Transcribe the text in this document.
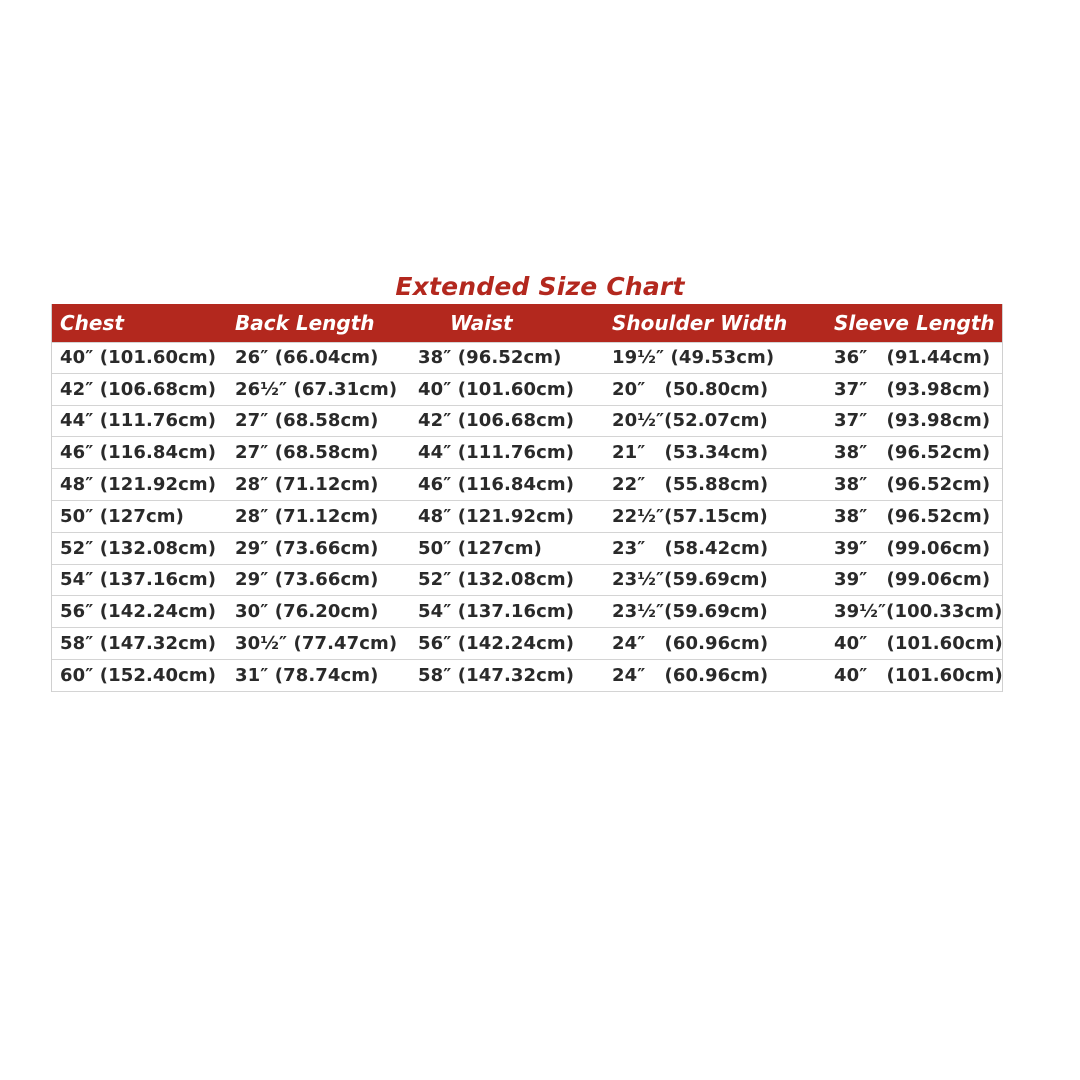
Extended Size Chart
Chest	Back Length	Waist	Shoulder Width	Sleeve Length
40″ (101.60cm)	26″ (66.04cm)	38″ (96.52cm)	19½″ (49.53cm)	36″   (91.44cm)
42″ (106.68cm)	26½″ (67.31cm)	40″ (101.60cm)	20″   (50.80cm)	37″   (93.98cm)
44″ (111.76cm)	27″ (68.58cm)	42″ (106.68cm)	20½″(52.07cm)	37″   (93.98cm)
46″ (116.84cm)	27″ (68.58cm)	44″ (111.76cm)	21″   (53.34cm)	38″   (96.52cm)
48″ (121.92cm)	28″ (71.12cm)	46″ (116.84cm)	22″   (55.88cm)	38″   (96.52cm)
50″ (127cm)	28″ (71.12cm)	48″ (121.92cm)	22½″(57.15cm)	38″   (96.52cm)
52″ (132.08cm)	29″ (73.66cm)	50″ (127cm)	23″   (58.42cm)	39″   (99.06cm)
54″ (137.16cm)	29″ (73.66cm)	52″ (132.08cm)	23½″(59.69cm)	39″   (99.06cm)
56″ (142.24cm)	30″ (76.20cm)	54″ (137.16cm)	23½″(59.69cm)	39½″(100.33cm)
58″ (147.32cm)	30½″ (77.47cm)	56″ (142.24cm)	24″   (60.96cm)	40″   (101.60cm)
60″ (152.40cm)	31″ (78.74cm)	58″ (147.32cm)	24″   (60.96cm)	40″   (101.60cm)
